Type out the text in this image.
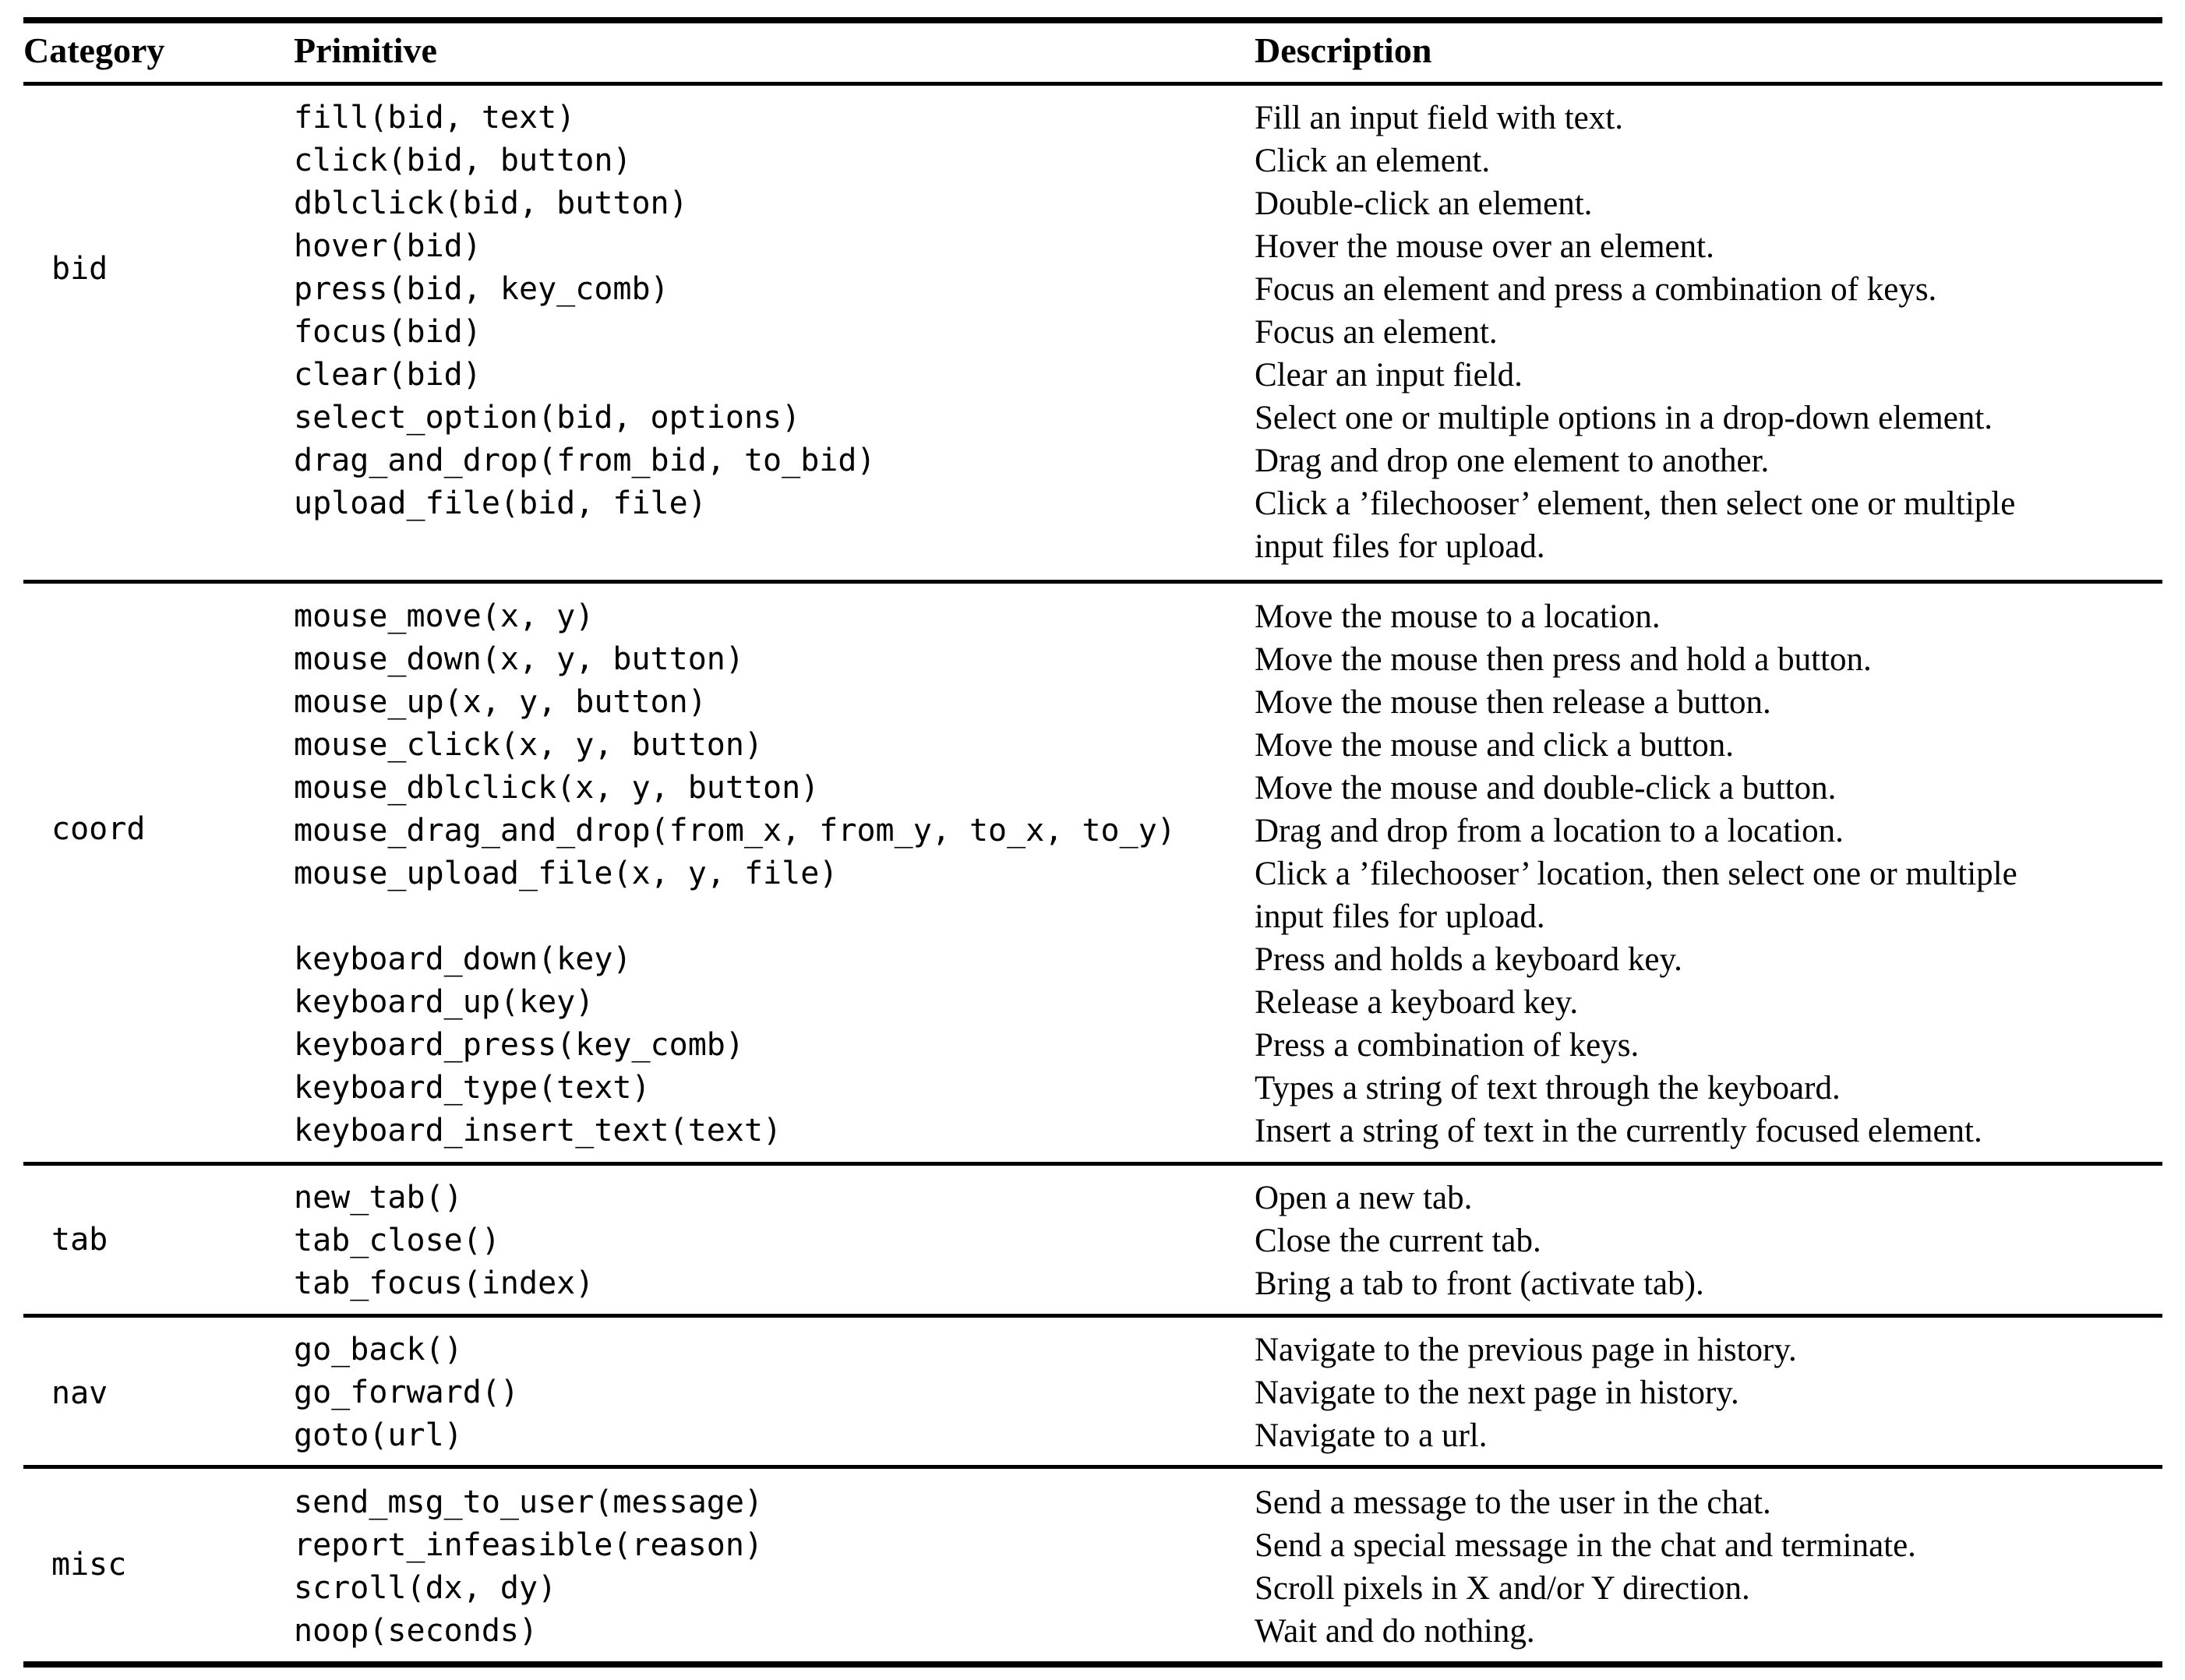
Category	Primitive	Description
bid
fill(bid, text)	Fill an input field with text.
click(bid, button)	Click an element.
dblclick(bid, button)	Double-click an element.
hover(bid)	Hover the mouse over an element.
press(bid, key_comb)	Focus an element and press a combination of keys.
focus(bid)	Focus an element.
clear(bid)	Clear an input field.
select_option(bid, options)	Select one or multiple options in a drop-down element.
drag_and_drop(from_bid, to_bid)	Drag and drop one element to another.
upload_file(bid, file)	Click a ’filechooser’ element, then select one or multiple
input files for upload.
coord
mouse_move(x, y)	Move the mouse to a location.
mouse_down(x, y, button)	Move the mouse then press and hold a button.
mouse_up(x, y, button)	Move the mouse then release a button.
mouse_click(x, y, button)	Move the mouse and click a button.
mouse_dblclick(x, y, button)	Move the mouse and double-click a button.
mouse_drag_and_drop(from_x, from_y, to_x, to_y)	Drag and drop from a location to a location.
mouse_upload_file(x, y, file)	Click a ’filechooser’ location, then select one or multiple
input files for upload.
keyboard_down(key)	Press and holds a keyboard key.
keyboard_up(key)	Release a keyboard key.
keyboard_press(key_comb)	Press a combination of keys.
keyboard_type(text)	Types a string of text through the keyboard.
keyboard_insert_text(text)	Insert a string of text in the currently focused element.
tab
new_tab()	Open a new tab.
tab_close()	Close the current tab.
tab_focus(index)	Bring a tab to front (activate tab).
nav
go_back()	Navigate to the previous page in history.
go_forward()	Navigate to the next page in history.
goto(url)	Navigate to a url.
misc
send_msg_to_user(message)	Send a message to the user in the chat.
report_infeasible(reason)	Send a special message in the chat and terminate.
scroll(dx, dy)	Scroll pixels in X and/or Y direction.
noop(seconds)	Wait and do nothing.
